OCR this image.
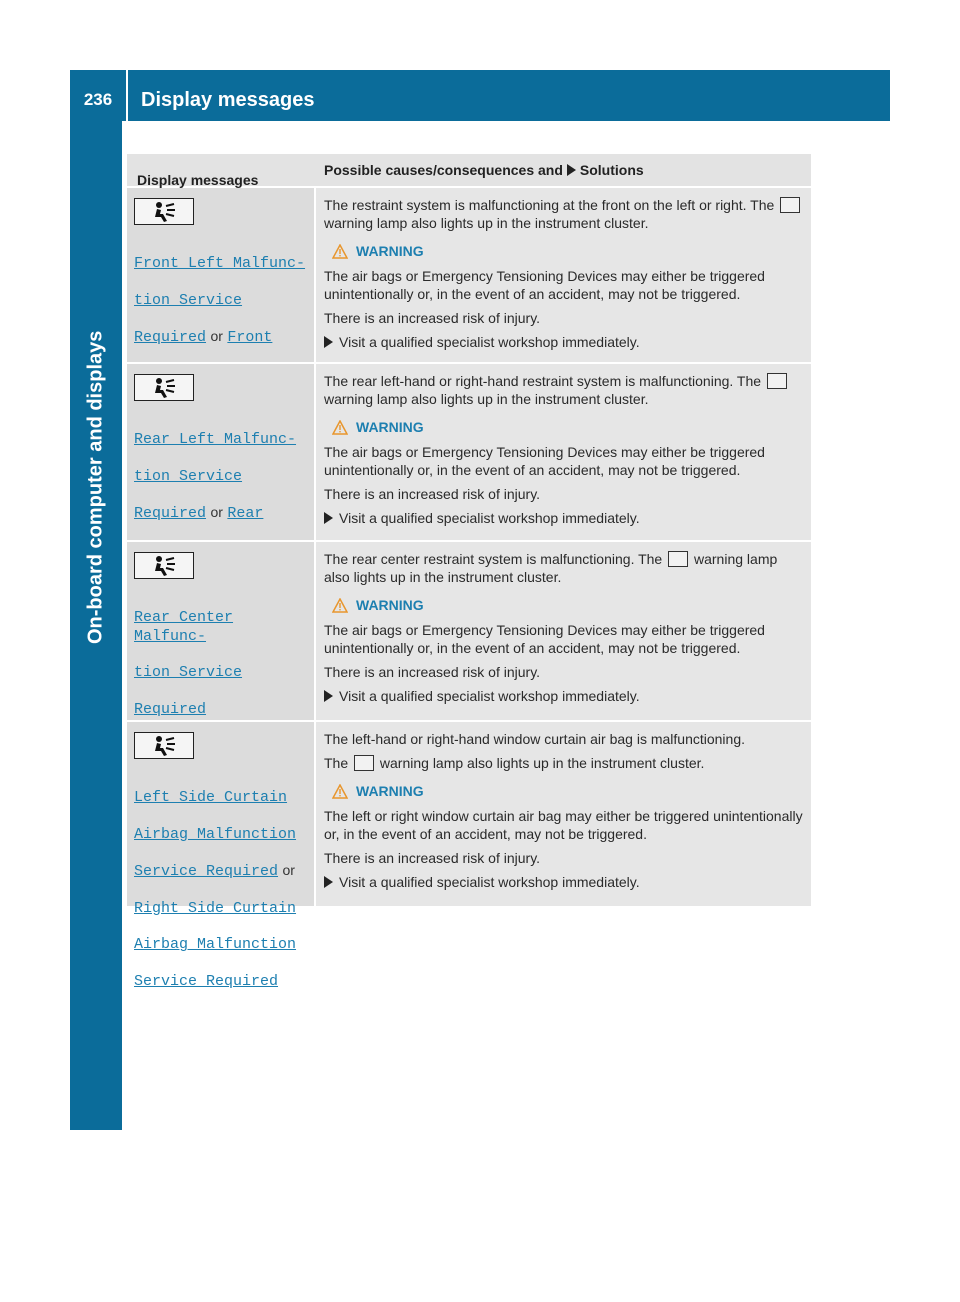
236	Display messages
On-board computer and displays
Display messages
Possible causes/consequences and Solutions

Front Left Malfunc‐

tion Service

Required or Front

The restraint system is malfunctioning at the front on the left or right. The  warning lamp also lights up in the instrument cluster.

WARNING

The air bags or Emergency Tensioning Devices may either be triggered unintentionally or, in the event of an accident, may not be triggered.

There is an increased risk of injury.

Visit a qualified specialist workshop immediately.

Rear Left Malfunc‐

tion Service

Required or Rear

The rear left-hand or right-hand restraint system is malfunctioning. The  warning lamp also lights up in the instrument cluster.

WARNING

The air bags or Emergency Tensioning Devices may either be triggered unintentionally or, in the event of an accident, may not be triggered.

There is an increased risk of injury.

Visit a qualified specialist workshop immediately.

Rear Center Malfunc‐

tion Service

Required

The rear center restraint system is malfunctioning. The warning lamp also lights up in the instrument cluster.

WARNING

The air bags or Emergency Tensioning Devices may either be triggered unintentionally or, in the event of an accident, may not be triggered.

There is an increased risk of injury.

Visit a qualified specialist workshop immediately.

Left Side Curtain

Airbag Malfunction

Service Required or

Right Side Curtain

Airbag Malfunction

Service Required

The left-hand or right-hand window curtain air bag is malfunctioning.

The warning lamp also lights up in the instrument cluster.

WARNING

The left or right window curtain air bag may either be triggered unintentionally or, in the event of an accident, may not be triggered.

There is an increased risk of injury.

Visit a qualified specialist workshop immediately.
